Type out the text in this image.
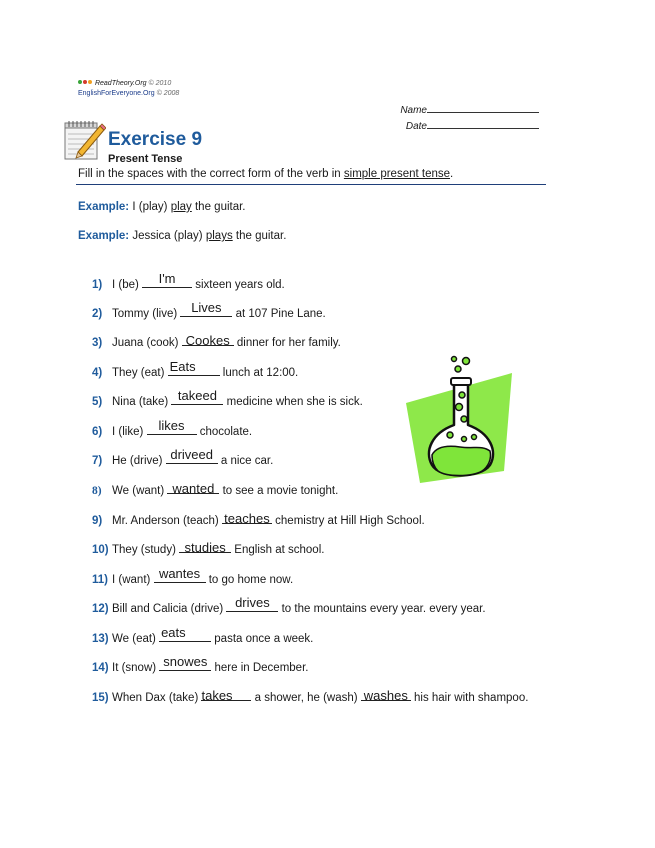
ReadTheory.Org © 2010
EnglishForEveryone.Org © 2008
Name
Date
Exercise 9
Present Tense
Fill in the spaces with the correct form of the verb in simple present tense.
Example: I (play) play the guitar.
Example: Jessica (play) plays the guitar.
1) I (be)	I'm	sixteen years old.
2) Tommy (live) Lives at 107 Pine Lane.
3) Juana (cook) Cookes dinner for her family.
4) They (eat) Eats	lunch at 12:00.
5) Nina (take) takeed medicine when she is sick.
6) I (like) likes	chocolate.
7) He (drive) driveed a nice car.
8) We (want) wanted to see a movie tonight.
9) Mr. Anderson (teach) teaches chemistry at Hill High School.
10) They (study) studies English at school.
11) I (want) wantes to go home now.
12) Bill and Calicia (drive) drives to the mountains every year. every year.
13) We (eat) eats	pasta once a week.
14) It (snow) snowes here in December.
15) When Dax (take) takes	a shower, he (wash) washes his hair with shampoo.
